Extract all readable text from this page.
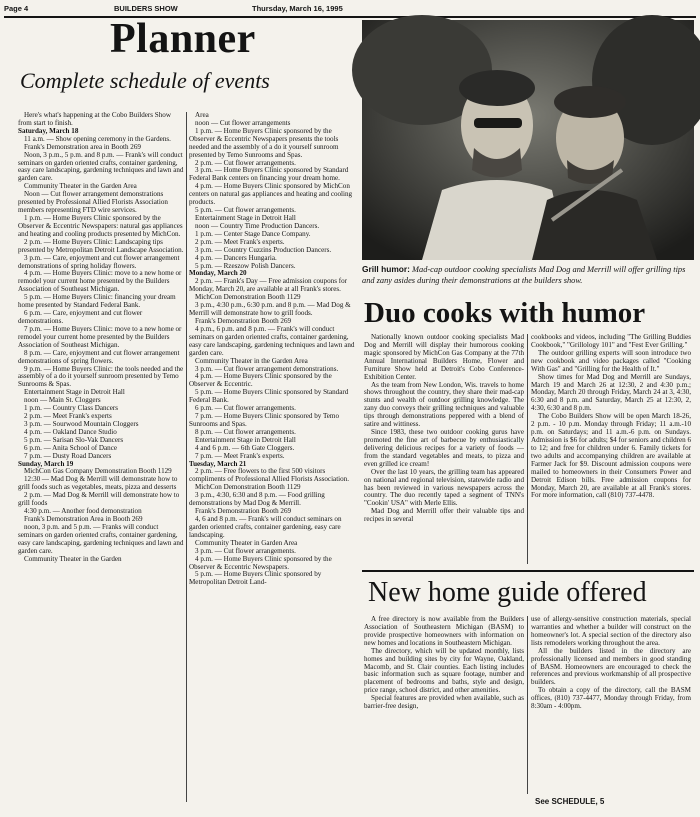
Page 4	BUILDERS SHOW	Thursday, March 16, 1995
Planner
Complete schedule of events

Here's what's happening at the Cobo Builders Show from start to finish.

Saturday, March 18

11 a.m. — Show opening ceremony in the Gardens.

Frank's Demonstration area in Booth 269

Noon, 3 p.m., 5 p.m. and 8 p.m. — Frank's will conduct seminars on garden oriented crafts, container gardening, easy care landscaping, gardening techniques and lawn and garden care.

Community Theater in the Garden Area

Noon — Cut flower arrangement demonstrations presented by Professional Allied Florists Association members representing FTD wire services.

1 p.m. — Home Buyers Clinic sponsored by the Observer & Eccentric Newspapers: natural gas appliances and heating and cooling products presented by MichCon.

2 p.m. — Home Buyers Clinic: Landscaping tips presented by Metropolitan Detroit Landscape Association.

3 p.m. — Care, enjoyment and cut flower arrangement demonstrations of spring holiday flowers.

4 p.m. — Home Buyers Clinic: move to a new home or remodel your current home presented by the Builders Association of Southeast Michigan.

5 p.m. — Home Buyers Clinic: financing your dream home presented by Standard Federal Bank.

6 p.m. — Care, enjoyment and cut flower demonstrations.

7 p.m. — Home Buyers Clinic: move to a new home or remodel your current home presented by the Builders Association of Southeast Michigan.

8 p.m. — Care, enjoyment and cut flower arrangement demonstrations of spring flowers.

9 p.m. — Home Buyers Clinic: the tools needed and the assembly of a do it yourself sunroom presented by Temo Sunrooms & Spas.

Entertainment Stage in Detroit Hall

noon — Main St. Cloggers

1 p.m. — Country Class Dancers

2 p.m. — Meet Frank's experts

3 p.m. — Sourwood Mountain Cloggers

4 p.m. — Oakland Dance Studio

5 p.m. — Sarisan Slo-Vak Dancers

6 p.m. — Anita School of Dance

7 p.m. — Dusty Road Dancers

Sunday, March 19

MichCon Gas Company Demonstration Booth 1129

12:30 — Mad Dog & Merrill will demonstrate how to grill foods such as vegetables, meats, pizza and desserts

2 p.m. — Mad Dog & Merrill will demonstrate how to grill foods

4:30 p.m. — Another food demonstration

Frank's Demonstration Area in Booth 269

noon, 3 p.m. and 5 p.m. — Franks will conduct seminars on garden oriented crafts, container gardening, easy care landscaping, gardening techniques and lawn and garden care.

Community Theater in the Garden

Area

noon — Cut flower arrangements

1 p.m. — Home Buyers Clinic sponsored by the Observer & Eccentric Newspapers presents the tools needed and the assembly of a do it yourself sunroom presented by Temo Sunrooms and Spas.

2 p.m. — Cut flower arrangements.

3 p.m. — Home Buyers Clinic sponsored by Standard Federal Bank centers on financing your dream home.

4 p.m. — Home Buyers Clinic sponsored by MichCon centers on natural gas appliances and heating and cooling products.

5 p.m. — Cut flower arrangements.

Entertainment Stage in Detroit Hall

noon — Country Time Production Dancers.

1 p.m. — Center Stage Dance Company.

2 p.m. — Meet Frank's experts.

3 p.m. — Country Cuzzins Production Dancers.

4 p.m. — Dancers Hungaria.

5 p.m. — Rzeszow Polish Dancers.

Monday, March 20

2 p.m. — Frank's Day — Free admission coupons for Monday, March 20, are available at all Frank's stores.

MichCon Demonstration Booth 1129

3 p.m., 4:30 p.m., 6:30 p.m. and 8 p.m. — Mad Dog & Merrill will demonstrate how to grill foods.

Frank's Demonstration Booth 269

4 p.m., 6 p.m. and 8 p.m. — Frank's will conduct seminars on garden oriented crafts, container gardening, easy care landscaping, gardening techniques and lawn and garden care.

Community Theater in the Garden Area

3 p.m. — Cut flower arrangement demonstrations.

4 p.m. — Home Buyers Clinic sponsored by the Observer & Eccentric.

5 p.m. — Home Buyers Clinic sponsored by Standard Federal Bank.

6 p.m. — Cut flower arrangements.

7 p.m. — Home Buyers Clinic sponsored by Temo Sunrooms and Spas.

8 p.m. — Cut flower arrangements.

Entertainment Stage in Detroit Hall

4 and 6 p.m. — 6th Gate Cloggers.

7 p.m. — Meet Frank's experts.

Tuesday, March 21

2 p.m. — Free flowers to the first 500 visitors compliments of Professional Allied Florists Association.

MichCon Demonstration Booth 1129

3 p.m., 4:30, 6:30 and 8 p.m. — Food grilling demonstrations by Mad Dog & Merrill.

Frank's Demonstration Booth 269

4, 6 and 8 p.m. — Frank's will conduct seminars on garden oriented crafts, container gardening, easy care landscaping.

Community Theater in Garden Area

3 p.m. — Cut flower arrangements.

4 p.m. — Home Buyers Clinic sponsored by the Observer & Eccentric Newspapers.

5 p.m. — Home Buyers Clinic sponsored by Metropolitan Detroit Land-

Grill humor: Mad-cap outdoor cooking specialists Mad Dog and Merrill will offer grilling tips and zany asides during their demonstrations at the builders show.
Duo cooks with humor

Nationally known outdoor cooking specialists Mad Dog and Merrill will display their humorous cooking magic sponsored by MichCon Gas Company at the 77th Annual International Builders Home, Flower and Furniture Show held at Detroit's Cobo Conference-Exhibition Center.

As the team from New London, Wis. travels to home shows throughout the country, they share their mad-cap stunts and wealth of outdoor grilling knowledge. The zany duo conveys their grilling techniques and valuable tips through demonstrations peppered with a blend of satire and wittiness.

Since 1983, these two outdoor cooking gurus have promoted the fine art of barbecue by enthusiastically delivering delicious recipes for a variety of foods — from the standard vegetables and meats, to pizza and even grilled ice cream!

Over the last 10 years, the grilling team has appeared on national and regional television, statewide radio and has been reviewed in various newspapers across the country. The duo recently taped a segment of TNN's "Cookin' USA" with Merle Ellis.

Mad Dog and Merrill offer their valuable tips and recipes in several

cookbooks and videos, including "The Grilling Buddies Cookbook," "Grillology 101" and "Fest Ever Grilling."

The outdoor grilling experts will soon introduce two new cookbook and video packages called "Cooking With Gas" and "Grilling for the Health of It."

Show times for Mad Dog and Merrill are Sundays, March 19 and March 26 at 12:30, 2 and 4:30 p.m.; Monday, March 20 through Friday, March 24 at 3, 4:30, 6:30 and 8 p.m. and Saturday, March 25 at 12:30, 2, 4:30, 6:30 and 8 p.m.

The Cobo Builders Show will be open March 18-26, 2 p.m. - 10 p.m. Monday through Friday; 11 a.m.-10 p.m. on Saturdays; and 11 a.m.-6 p.m. on Sundays. Admission is $6 for adults; $4 for seniors and children 6 to 12; and free for children under 6. Family tickets for two adults and accompanying children are available at Farmer Jack for $9. Discount admission coupons were mailed to homeowners in their Consumers Power and Detroit Edison bills. Free admission coupons for Monday, March 20, are available at all Frank's stores. For more information, call (810) 737-4478.

New home guide offered

A free directory is now available from the Builders Association of Southeastern Michigan (BASM) to provide prospective homeowners with information on new homes and locations in Southeastern Michigan.

The directory, which will be updated monthly, lists homes and building sites by city for Wayne, Oakland, Macomb, and St. Clair counties. Each listing includes basic information such as square footage, number and placement of bedrooms and baths, style and design, price range, school district, and other amenities.

Special features are provided when available, such as barrier-free design,

use of allergy-sensitive construction materials, special warranties and whether a builder will construct on the homeowner's lot. A special section of the directory also lists remodelers working throughout the area.

All the builders listed in the directory are professionally licensed and members in good standing of BASM. Homeowners are encouraged to check the references and previous workmanship of all prospective builders.

To obtain a copy of the directory, call the BASM offices, (810) 737-4477, Monday through Friday, from 8:30am - 4:00pm.

See SCHEDULE, 5
